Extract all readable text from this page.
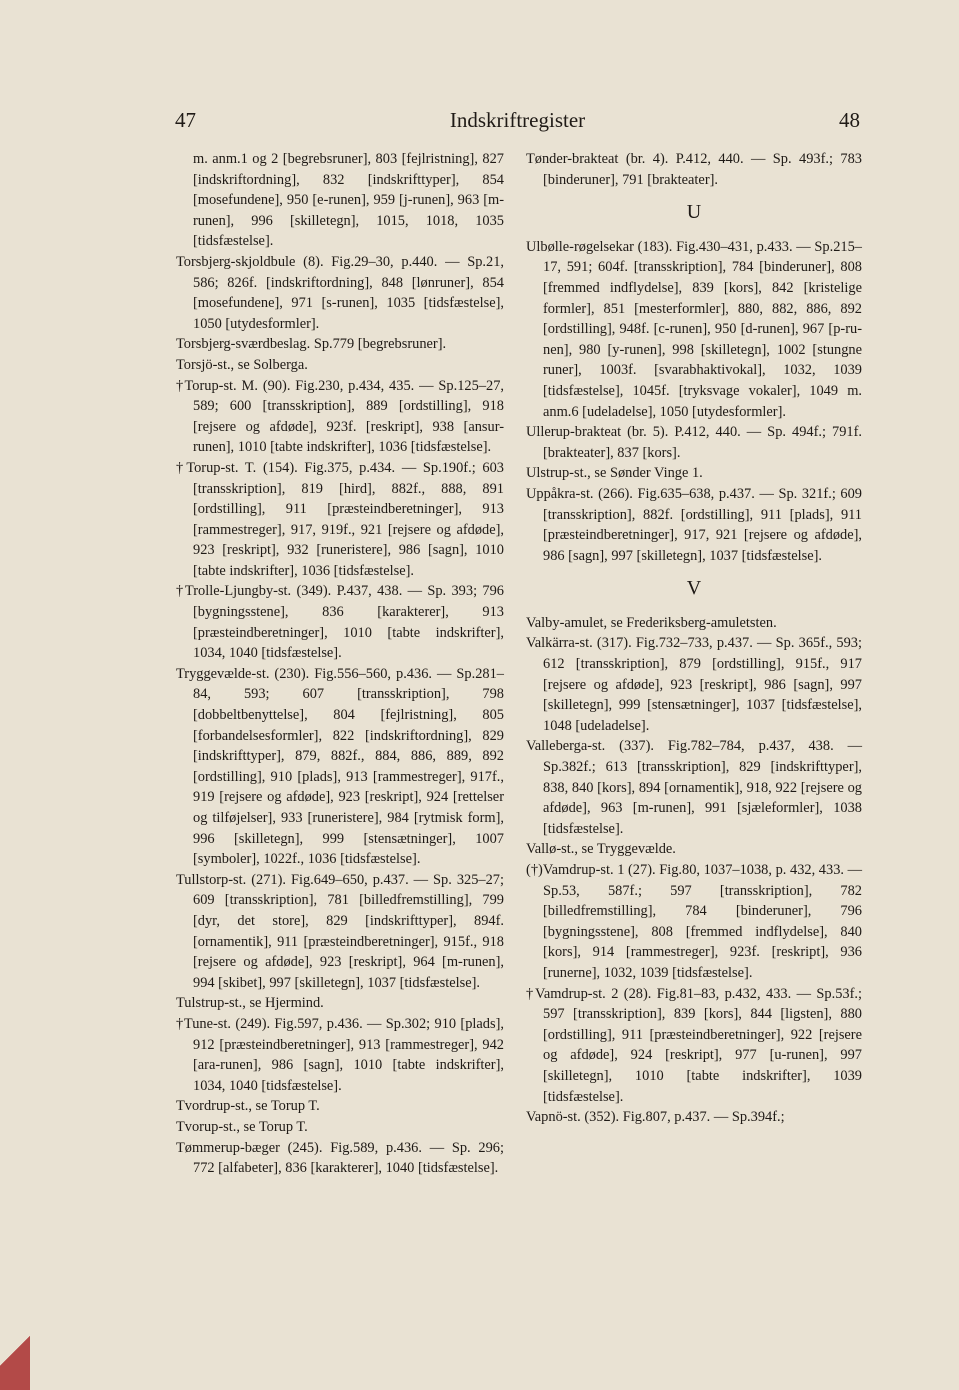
47	Indskriftregister	48

m. anm.1 og 2 [begrebsruner], 803 [fejlristning], 827 [indskriftordning], 832 [indskrifttyper], 854 [mosefundene], 950 [e-runen], 959 [j-runen], 963 [m-runen], 996 [skilletegn], 1015, 1018, 1035 [tidsfæstelse].

Torsbjerg-skjoldbule (8). Fig.29–30, p.440. — Sp.21, 586; 826f. [indskriftordning], 848 [lønruner], 854 [mosefundene], 971 [s-runen], 1035 [tidsfæstelse], 1050 [utydesformler].

Torsbjerg-sværdbeslag. Sp.779 [begrebsruner].

Torsjö-st., se Solberga.

†Torup-st. M. (90). Fig.230, p.434, 435. — Sp.125–27, 589; 600 [transskription], 889 [ordstilling], 918 [rejsere og afdøde], 923f. [reskript], 938 [ansur-runen], 1010 [tabte indskrifter], 1036 [tidsfæstelse].

†Torup-st. T. (154). Fig.375, p.434. — Sp.190f.; 603 [transskription], 819 [hird], 882f., 888, 891 [ordstilling], 911 [præsteindberetninger], 913 [rammestreger], 917, 919f., 921 [rejsere og afdøde], 923 [reskript], 932 [runeristere], 986 [sagn], 1010 [tabte indskrifter], 1036 [tidsfæstelse].

†Trolle-Ljungby-st. (349). P.437, 438. — Sp. 393; 796 [bygningsstene], 836 [karakterer], 913 [præsteindberetninger], 1010 [tabte indskrifter], 1034, 1040 [tidsfæstelse].

Tryggevælde-st. (230). Fig.556–560, p.436. — Sp.281–84, 593; 607 [transskription], 798 [dobbeltbenyttelse], 804 [fejlristning], 805 [forbandelsesformler], 822 [indskriftordning], 829 [indskrifttyper], 879, 882f., 884, 886, 889, 892 [ordstilling], 910 [plads], 913 [rammestreger], 917f., 919 [rejsere og afdøde], 923 [reskript], 924 [rettelser og tilføjelser], 933 [runeristere], 984 [rytmisk form], 996 [skilletegn], 999 [stensætninger], 1007 [symboler], 1022f., 1036 [tidsfæstelse].

Tullstorp-st. (271). Fig.649–650, p.437. — Sp. 325–27; 609 [transskription], 781 [billedfremstilling], 799 [dyr, det store], 829 [indskrifttyper], 894f. [ornamentik], 911 [præsteindberetninger], 915f., 918 [rejsere og afdøde], 923 [reskript], 964 [m-runen], 994 [skibet], 997 [skilletegn], 1037 [tidsfæstelse].

Tulstrup-st., se Hjermind.

†Tune-st. (249). Fig.597, p.436. — Sp.302; 910 [plads], 912 [præsteindberetninger], 913 [rammestreger], 942 [ara-runen], 986 [sagn], 1010 [tabte indskrifter], 1034, 1040 [tidsfæstelse].

Tvordrup-st., se Torup T.

Tvorup-st., se Torup T.

Tømmerup-bæger (245). Fig.589, p.436. — Sp. 296; 772 [alfabeter], 836 [karakterer], 1040 [tidsfæstelse].

Tønder-brakteat (br. 4). P.412, 440. — Sp. 493f.; 783 [binderuner], 791 [brakteater].

U

Ulbølle-røgelsekar (183). Fig.430–431, p.433. — Sp.215–17, 591; 604f. [transskription], 784 [binderuner], 808 [fremmed indflydelse], 839 [kors], 842 [kristelige formler], 851 [mesterformler], 880, 882, 886, 892 [ordstilling], 948f. [c-runen], 950 [d-runen], 967 [p-runen], 980 [y-runen], 998 [skilletegn], 1002 [stungne runer], 1003f. [svarabhaktivokal], 1032, 1039 [tidsfæstelse], 1045f. [tryksvage vokaler], 1049 m. anm.6 [udeladelse], 1050 [utydesformler].

Ullerup-brakteat (br. 5). P.412, 440. — Sp. 494f.; 791f. [brakteater], 837 [kors].

Ulstrup-st., se Sønder Vinge 1.

Uppåkra-st. (266). Fig.635–638, p.437. — Sp. 321f.; 609 [transskription], 882f. [ordstilling], 911 [plads], 911 [præsteindberetninger], 917, 921 [rejsere og afdøde], 986 [sagn], 997 [skilletegn], 1037 [tidsfæstelse].

V

Valby-amulet, se Frederiksberg-amuletsten.

Valkärra-st. (317). Fig.732–733, p.437. — Sp. 365f., 593; 612 [transskription], 879 [ordstilling], 915f., 917 [rejsere og afdøde], 923 [reskript], 986 [sagn], 997 [skilletegn], 999 [stensætninger], 1037 [tidsfæstelse], 1048 [udeladelse].

Valleberga-st. (337). Fig.782–784, p.437, 438. — Sp.382f.; 613 [transskription], 829 [indskrifttyper], 838, 840 [kors], 894 [ornamentik], 918, 922 [rejsere og afdøde], 963 [m-runen], 991 [sjæleformler], 1038 [tidsfæstelse].

Vallø-st., se Tryggevælde.

(†)Vamdrup-st. 1 (27). Fig.80, 1037–1038, p. 432, 433. — Sp.53, 587f.; 597 [transskription], 782 [billedfremstilling], 784 [binderuner], 796 [bygningsstene], 808 [fremmed indflydelse], 840 [kors], 914 [rammestreger], 923f. [reskript], 936 [runerne], 1032, 1039 [tidsfæstelse].

†Vamdrup-st. 2 (28). Fig.81–83, p.432, 433. — Sp.53f.; 597 [transskription], 839 [kors], 844 [ligsten], 880 [ordstilling], 911 [præsteindberetninger], 922 [rejsere og afdøde], 924 [reskript], 977 [u-runen], 997 [skilletegn], 1010 [tabte indskrifter], 1039 [tidsfæstelse].

Vapnö-st. (352). Fig.807, p.437. — Sp.394f.;
